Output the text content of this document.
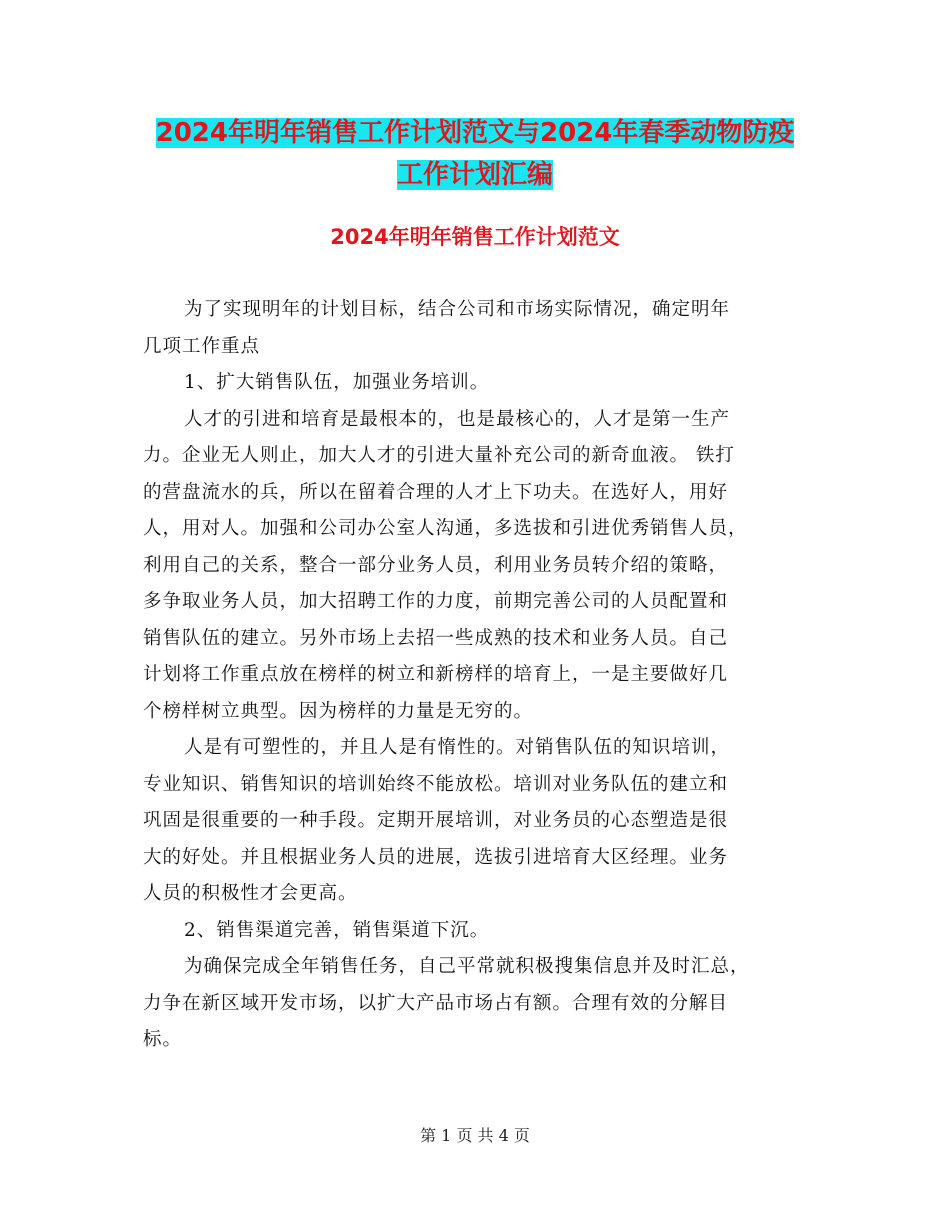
2024年明年销售工作计划范文与2024年春季动物防疫
工作计划汇编
2024年明年销售工作计划范文
为了实现明年的计划目标，结合公司和市场实际情况，确定明年
几项工作重点
1、扩大销售队伍，加强业务培训。
人才的引进和培育是最根本的，也是最核心的，人才是第一生产
力。企业无人则止，加大人才的引进大量补充公司的新奇血液。 铁打
的营盘流水的兵，所以在留着合理的人才上下功夫。在选好人，用好
人，用对人。加强和公司办公室人沟通，多选拔和引进优秀销售人员，
利用自己的关系，整合一部分业务人员，利用业务员转介绍的策略，
多争取业务人员，加大招聘工作的力度，前期完善公司的人员配置和
销售队伍的建立。另外市场上去招一些成熟的技术和业务人员。自己
计划将工作重点放在榜样的树立和新榜样的培育上，一是主要做好几
个榜样树立典型。因为榜样的力量是无穷的。
人是有可塑性的，并且人是有惰性的。对销售队伍的知识培训，
专业知识、销售知识的培训始终不能放松。培训对业务队伍的建立和
巩固是很重要的一种手段。定期开展培训，对业务员的心态塑造是很
大的好处。并且根据业务人员的进展，选拔引进培育大区经理。业务
人员的积极性才会更高。
2、销售渠道完善，销售渠道下沉。
为确保完成全年销售任务，自己平常就积极搜集信息并及时汇总，
力争在新区域开发市场，以扩大产品市场占有额。合理有效的分解目
标。
第 1 页 共 4 页
